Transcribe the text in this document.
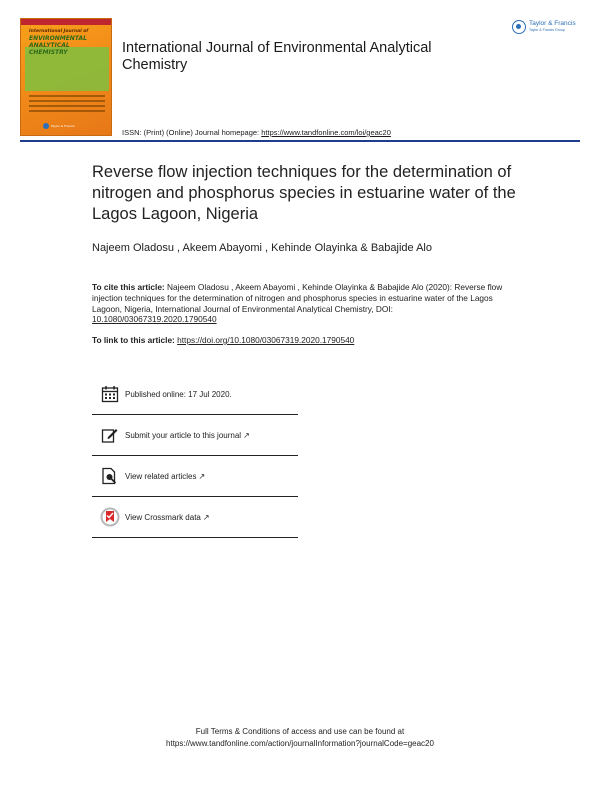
International Journal of
ENVIRONMENTAL ANALYTICAL CHEMISTRY
Taylor & Francis
International Journal of Environmental Analytical Chemistry
Taylor & Francis
Taylor & Francis Group
ISSN: (Print) (Online) Journal homepage: https://www.tandfonline.com/loi/geac20
Reverse flow injection techniques for the determination of nitrogen and phosphorus species in estuarine water of the Lagos Lagoon, Nigeria
Najeem Oladosu , Akeem Abayomi , Kehinde Olayinka & Babajide Alo
To cite this article: Najeem Oladosu , Akeem Abayomi , Kehinde Olayinka & Babajide Alo (2020): Reverse flow injection techniques for the determination of nitrogen and phosphorus species in estuarine water of the Lagos Lagoon, Nigeria, International Journal of Environmental Analytical Chemistry, DOI: 10.1080/03067319.2020.1790540
To link to this article: https://doi.org/10.1080/03067319.2020.1790540
Published online: 17 Jul 2020.
Submit your article to this journal ↗
View related articles ↗
View Crossmark data ↗
Full Terms & Conditions of access and use can be found at
https://www.tandfonline.com/action/journalInformation?journalCode=geac20
